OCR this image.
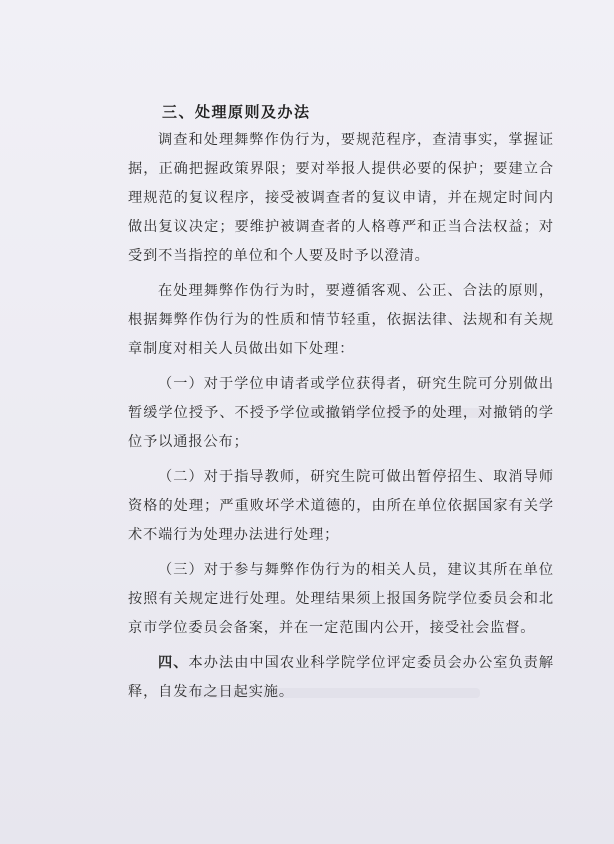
三、处理原则及办法

调查和处理舞弊作伪行为，要规范程序，查清事实，掌握证据，正确把握政策界限；要对举报人提供必要的保护；要建立合理规范的复议程序，接受被调查者的复议申请，并在规定时间内做出复议决定；要维护被调查者的人格尊严和正当合法权益；对受到不当指控的单位和个人要及时予以澄清。

在处理舞弊作伪行为时，要遵循客观、公正、合法的原则，根据舞弊作伪行为的性质和情节轻重，依据法律、法规和有关规章制度对相关人员做出如下处理：

（一）对于学位申请者或学位获得者，研究生院可分别做出暂缓学位授予、不授予学位或撤销学位授予的处理，对撤销的学位予以通报公布；

（二）对于指导教师，研究生院可做出暂停招生、取消导师资格的处理；严重败坏学术道德的，由所在单位依据国家有关学术不端行为处理办法进行处理；

（三）对于参与舞弊作伪行为的相关人员，建议其所在单位按照有关规定进行处理。处理结果须上报国务院学位委员会和北京市学位委员会备案，并在一定范围内公开，接受社会监督。

四、本办法由中国农业科学院学位评定委员会办公室负责解释，自发布之日起实施。
